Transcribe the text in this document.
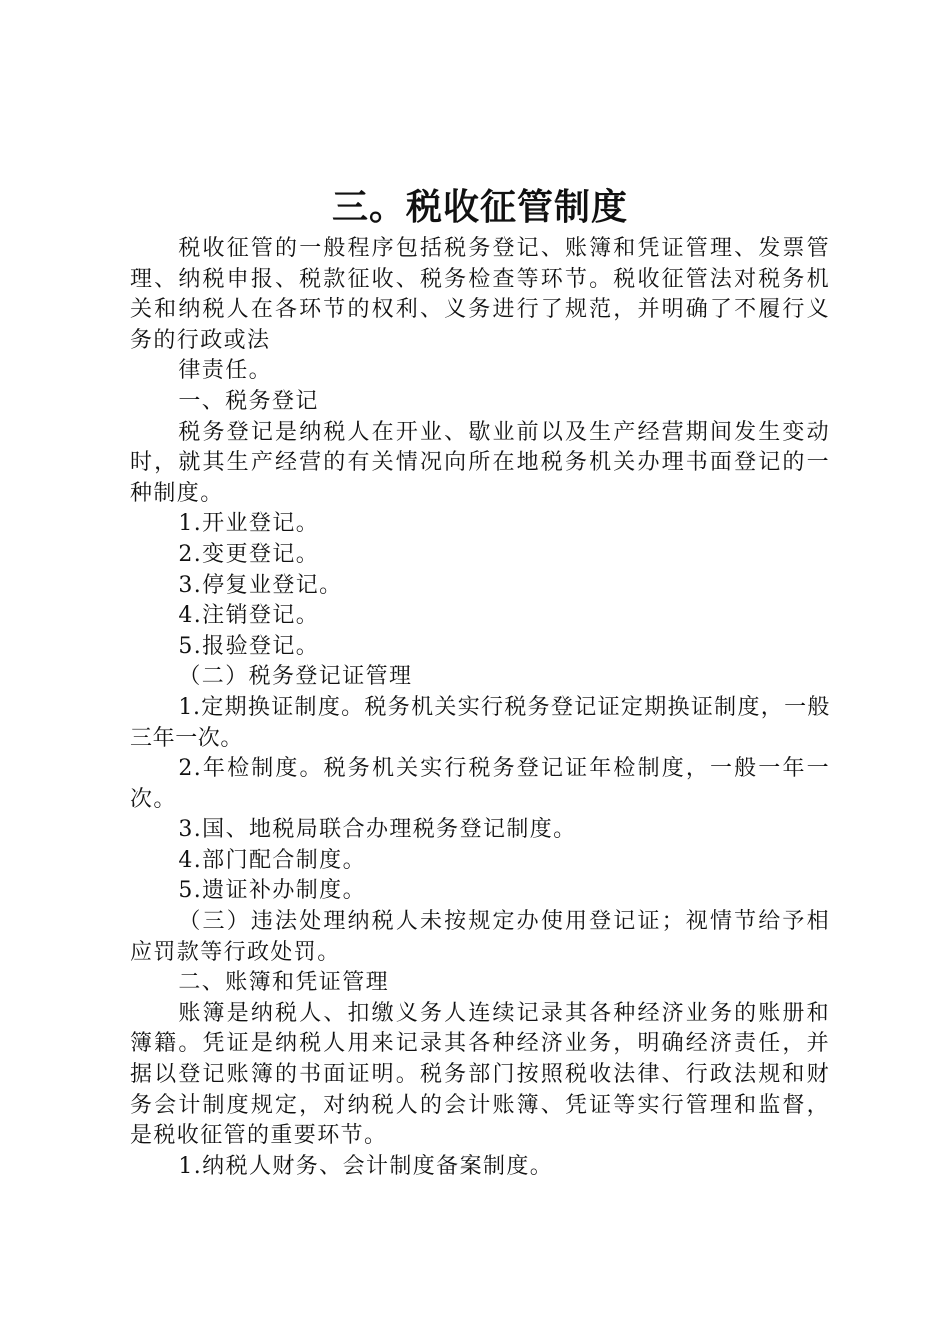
三。税收征管制度

税收征管的一般程序包括税务登记、账簿和凭证管理、发票管理、纳税申报、税款征收、税务检查等环节。税收征管法对税务机关和纳税人在各环节的权利、义务进行了规范，并明确了不履行义务的行政或法

律责任。

一、税务登记

税务登记是纳税人在开业、歇业前以及生产经营期间发生变动时，就其生产经营的有关情况向所在地税务机关办理书面登记的一种制度。

1.开业登记。

2.变更登记。

3.停复业登记。

4.注销登记。

5.报验登记。

（二）税务登记证管理

1.定期换证制度。税务机关实行税务登记证定期换证制度，一般三年一次。

2.年检制度。税务机关实行税务登记证年检制度，一般一年一次。

3.国、地税局联合办理税务登记制度。

4.部门配合制度。

5.遗证补办制度。

（三）违法处理纳税人未按规定办使用登记证；视情节给予相应罚款等行政处罚。

二、账簿和凭证管理

账簿是纳税人、扣缴义务人连续记录其各种经济业务的账册和簿籍。凭证是纳税人用来记录其各种经济业务，明确经济责任，并据以登记账簿的书面证明。税务部门按照税收法律、行政法规和财务会计制度规定，对纳税人的会计账簿、凭证等实行管理和监督，是税收征管的重要环节。

1.纳税人财务、会计制度备案制度。
